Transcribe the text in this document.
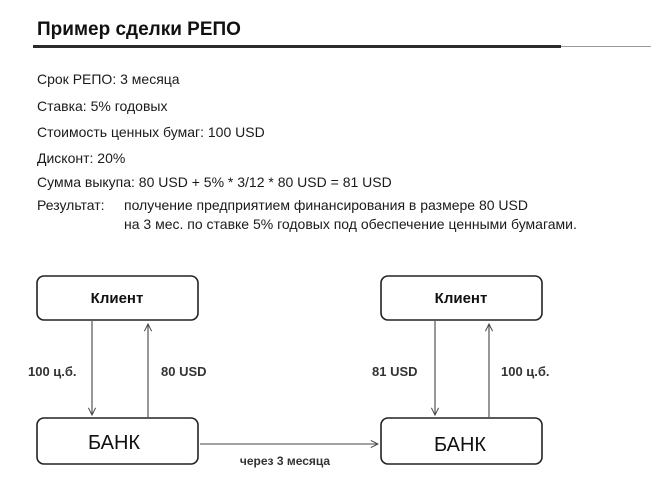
Пример сделки РЕПО
Срок РЕПО: 3 месяца
Ставка: 5% годовых
Стоимость ценных бумаг: 100 USD
Дисконт: 20%
Сумма выкупа: 80 USD + 5% * 3/12 * 80 USD = 81 USD
Результат: получение предприятием финансирования в размере 80 USD
на 3 мес. по ставке 5% годовых под обеспечение ценными бумагами.
Клиент
БАНК
100 ц.б.	80 USD
Клиент
БАНК
81 USD	100 ц.б.
через 3 месяца
